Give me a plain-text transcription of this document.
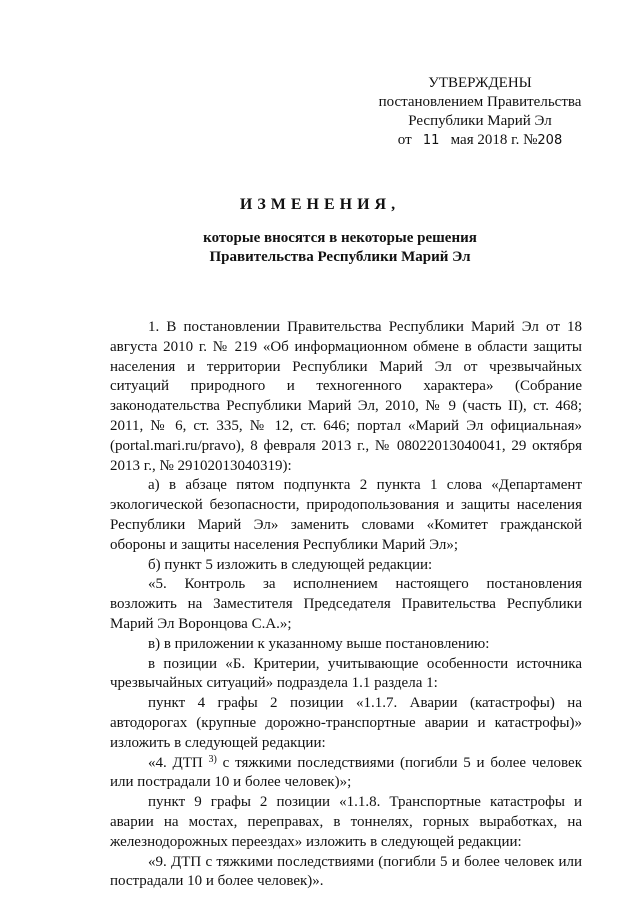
УТВЕРЖДЕНЫ
постановлением Правительства
Республики Марий Эл
от 11 мая 2018 г. №208
ИЗМЕНЕНИЯ,
которые вносятся в некоторые решения
Правительства Республики Марий Эл

1. В постановлении Правительства Республики Марий Эл от 18 августа 2010 г. № 219 «Об информационном обмене в области защиты населения и территории Республики Марий Эл от чрезвычайных ситуаций природного и техногенного характера» (Собрание законодательства Республики Марий Эл, 2010, № 9 (часть II), ст. 468; 2011, № 6, ст. 335, № 12, ст. 646; портал «Марий Эл официальная» (portal.mari.ru/pravo), 8 февраля 2013 г., № 08022013040041, 29 октября 2013 г., № 29102013040319):

а) в абзаце пятом подпункта 2 пункта 1 слова «Департамент экологической безопасности, природопользования и защиты населения Республики Марий Эл» заменить словами «Комитет гражданской обороны и защиты населения Республики Марий Эл»;

б) пункт 5 изложить в следующей редакции:

«5. Контроль за исполнением настоящего постановления возложить на Заместителя Председателя Правительства Республики Марий Эл Воронцова С.А.»;

в) в приложении к указанному выше постановлению:

в позиции «Б. Критерии, учитывающие особенности источника чрезвычайных ситуаций» подраздела 1.1 раздела 1:

пункт 4 графы 2 позиции «1.1.7. Аварии (катастрофы) на автодорогах (крупные дорожно-транспортные аварии и катастрофы)» изложить в следующей редакции:

«4. ДТП $^{3)}$ с тяжкими последствиями (погибли 5 и более человек или пострадали 10 и более человек)»;

пункт 9 графы 2 позиции «1.1.8. Транспортные катастрофы и аварии на мостах, переправах, в тоннелях, горных выработках, на железнодорожных переездах» изложить в следующей редакции:

«9. ДТП с тяжкими последствиями (погибли 5 и более человек или пострадали 10 и более человек)».
